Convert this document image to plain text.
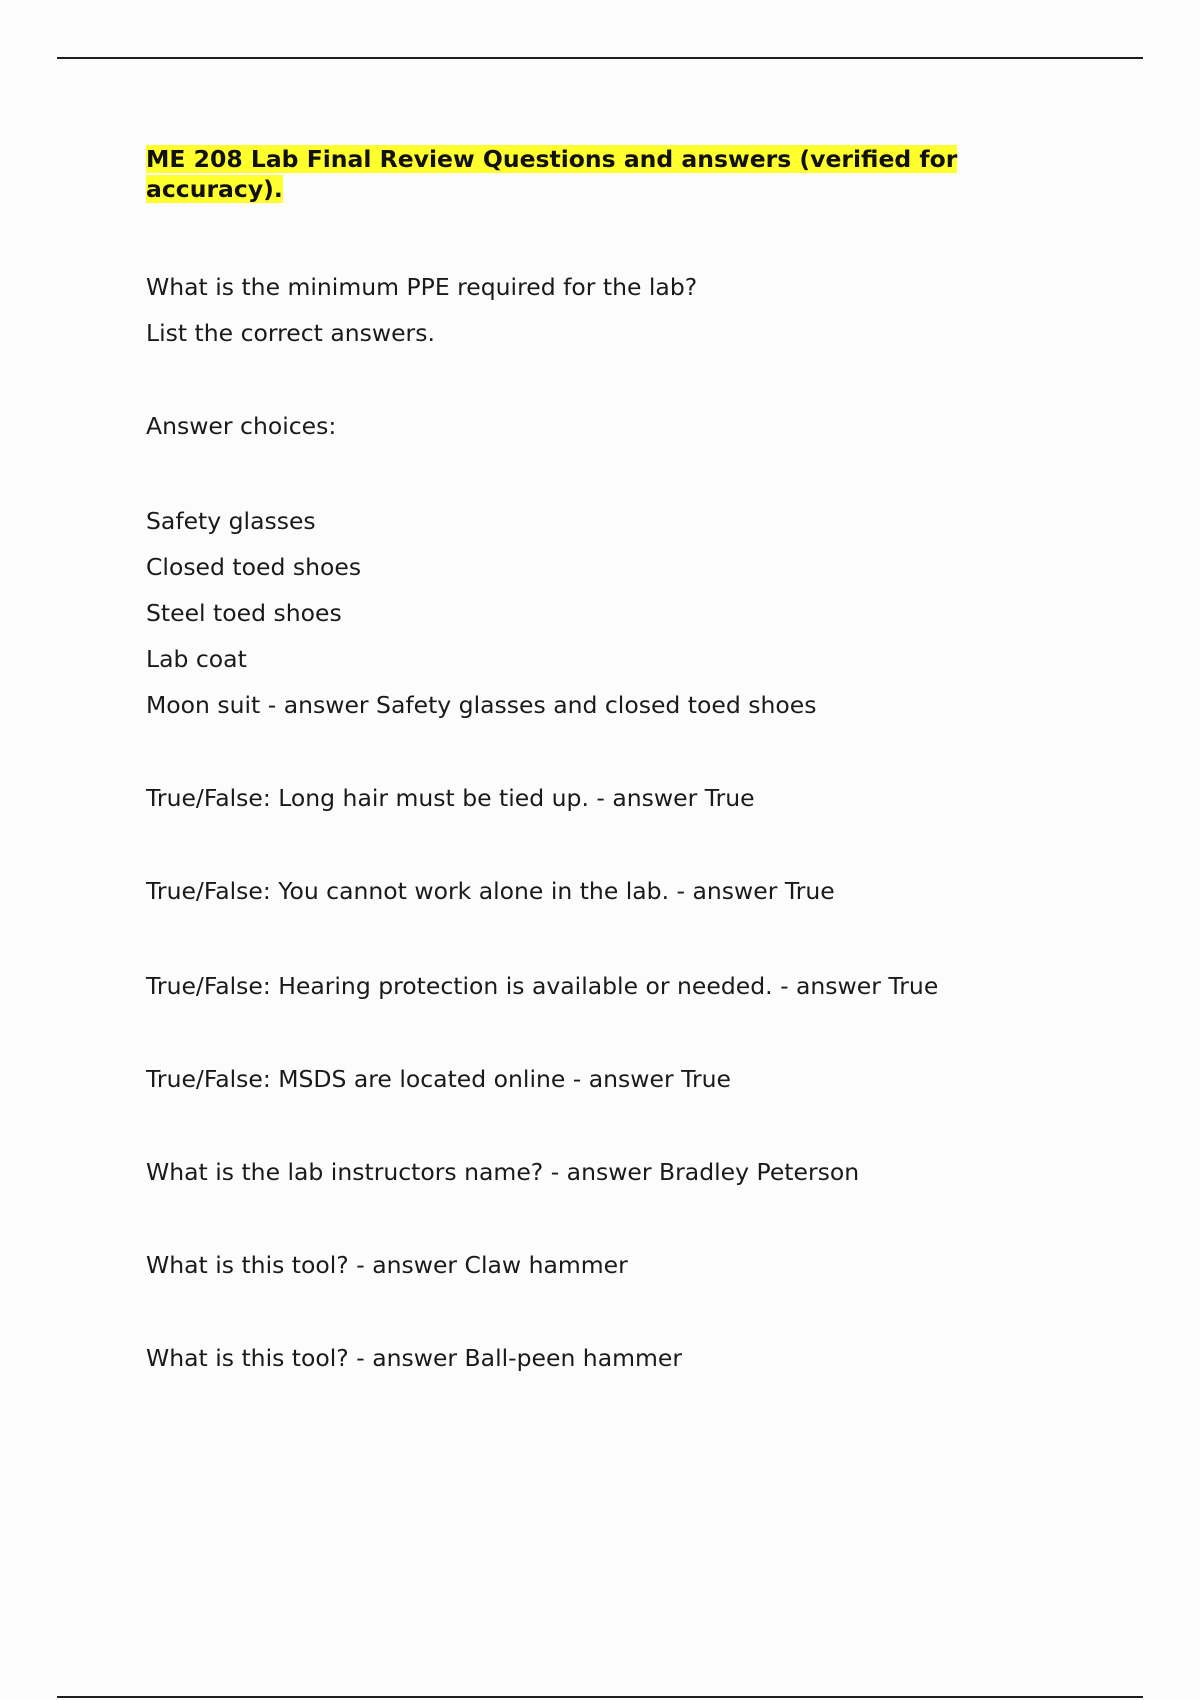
ME 208 Lab Final Review Questions and answers (verified for accuracy).

What is the minimum PPE required for the lab?

List the correct answers.

Answer choices:

Safety glasses

Closed toed shoes

Steel toed shoes

Lab coat

Moon suit - answer Safety glasses and closed toed shoes

True/False: Long hair must be tied up. - answer True

True/False: You cannot work alone in the lab. - answer True

True/False: Hearing protection is available or needed. - answer True

True/False: MSDS are located online - answer True

What is the lab instructors name? - answer Bradley Peterson

What is this tool? - answer Claw hammer

What is this tool? - answer Ball-peen hammer
